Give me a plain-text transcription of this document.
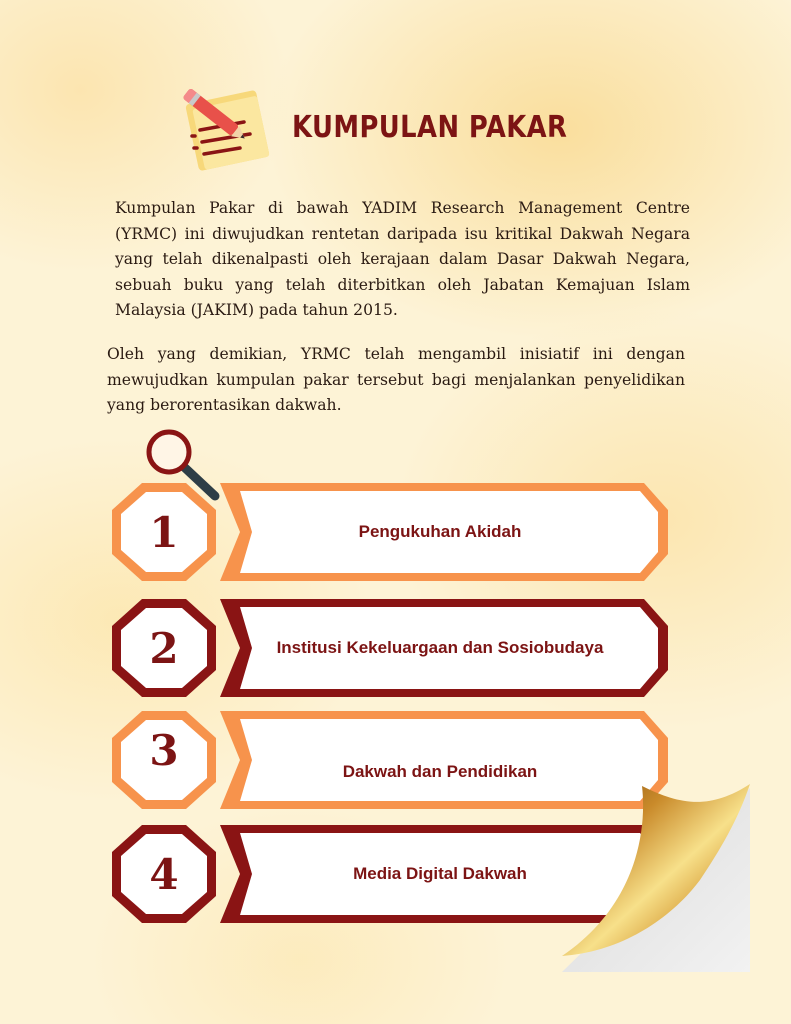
KUMPULAN PAKAR

Kumpulan Pakar di bawah YADIM Research Management Centre (YRMC) ini diwujudkan rentetan daripada isu kritikal Dakwah Negara yang telah dikenalpasti oleh kerajaan dalam Dasar Dakwah Negara, sebuah buku yang telah diterbitkan oleh Jabatan Kemajuan Islam Malaysia (JAKIM) pada tahun 2015.

Oleh yang demikian, YRMC telah mengambil inisiatif ini dengan mewujudkan kumpulan pakar tersebut bagi menjalankan penyelidikan yang berorentasikan dakwah.

1	Pengukuhan Akidah
2	Institusi Kekeluargaan dan Sosiobudaya
3	Dakwah dan Pendidikan
4	Media Digital Dakwah
